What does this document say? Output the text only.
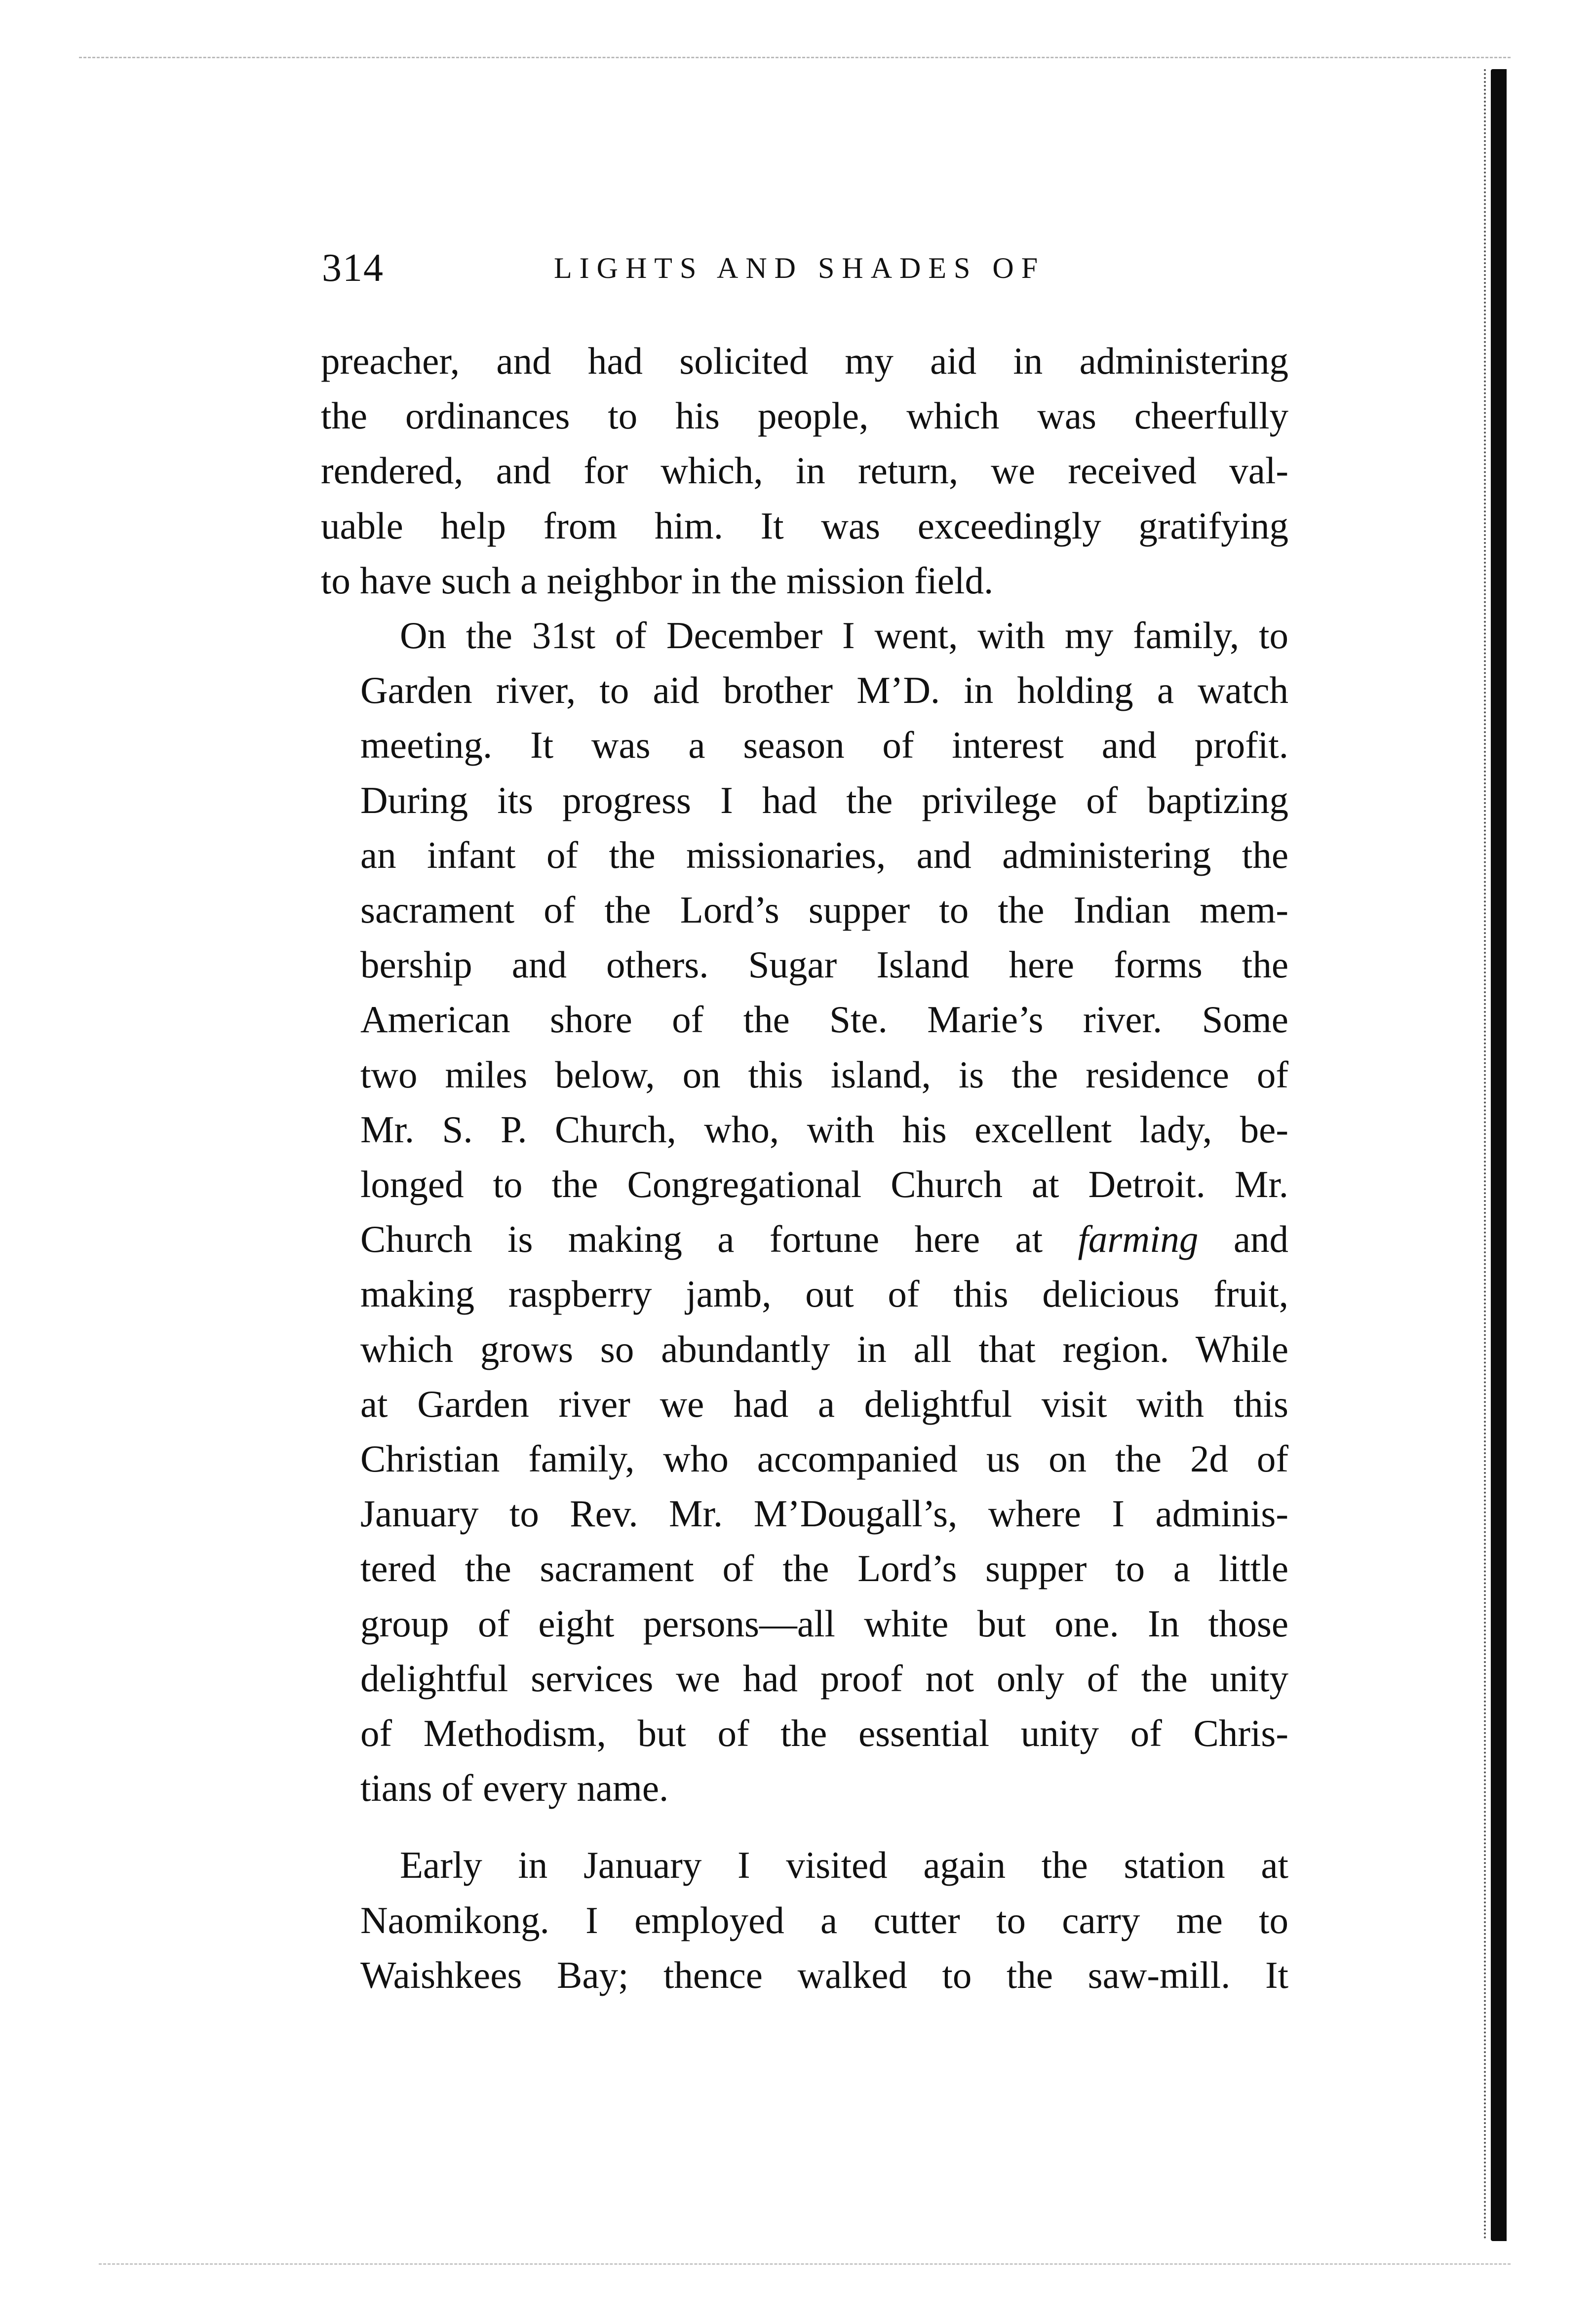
314	LIGHTS AND SHADES OF

preacher, and had solicited my aid in administering
the ordinances to his people, which was cheerfully
rendered, and for which, in return, we received val-
uable help from him. It was exceedingly gratifying
to have such a neighbor in the mission field.

On the 31st of December I went, with my family, to
Garden river, to aid brother M’D. in holding a watch
meeting. It was a season of interest and profit.
During its progress I had the privilege of baptizing
an infant of the missionaries, and administering the
sacrament of the Lord’s supper to the Indian mem-
bership and others. Sugar Island here forms the
American shore of the Ste. Marie’s river. Some
two miles below, on this island, is the residence of
Mr. S. P. Church, who, with his excellent lady, be-
longed to the Congregational Church at Detroit. Mr.
Church is making a fortune here at farming and
making raspberry jamb, out of this delicious fruit,
which grows so abundantly in all that region. While
at Garden river we had a delightful visit with this
Christian family, who accompanied us on the 2d of
January to Rev. Mr. M’Dougall’s, where I adminis-
tered the sacrament of the Lord’s supper to a little
group of eight persons—all white but one. In those
delightful services we had proof not only of the unity
of Methodism, but of the essential unity of Chris-
tians of every name.

Early in January I visited again the station at
Naomikong. I employed a cutter to carry me to
Waishkees Bay; thence walked to the saw-mill. It
